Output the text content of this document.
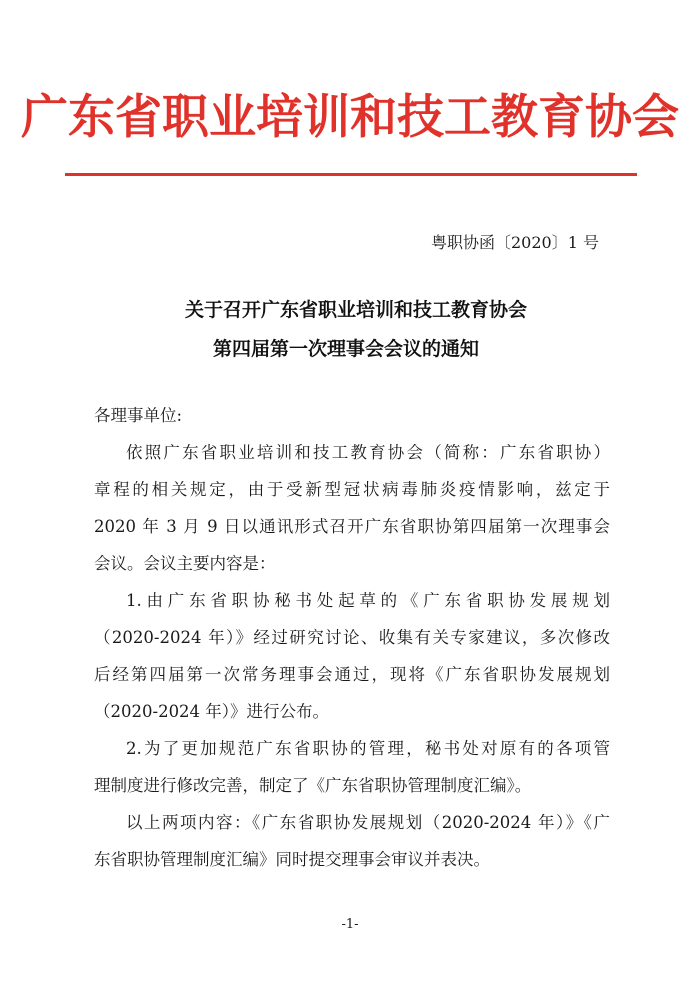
广东省职业培训和技工教育协会
粤职协函〔2020〕1 号
关于召开广东省职业培训和技工教育协会
第四届第一次理事会会议的通知
各理事单位:
依照广东省职业培训和技工教育协会（简称：广东省职协）
章程的相关规定，由于受新型冠状病毒肺炎疫情影响，兹定于
2020 年 3 月 9 日以通讯形式召开广东省职协第四届第一次理事会
会议。会议主要内容是：
1.由广东省职协秘书处起草的《广东省职协发展规划
（2020-2024 年）》经过研究讨论、收集有关专家建议，多次修改
后经第四届第一次常务理事会通过，现将《广东省职协发展规划
（2020-2024 年）》进行公布。
2.为了更加规范广东省职协的管理，秘书处对原有的各项管
理制度进行修改完善，制定了《广东省职协管理制度汇编》。
以上两项内容：《广东省职协发展规划（2020-2024 年）》《广
东省职协管理制度汇编》同时提交理事会审议并表决。
-1-
